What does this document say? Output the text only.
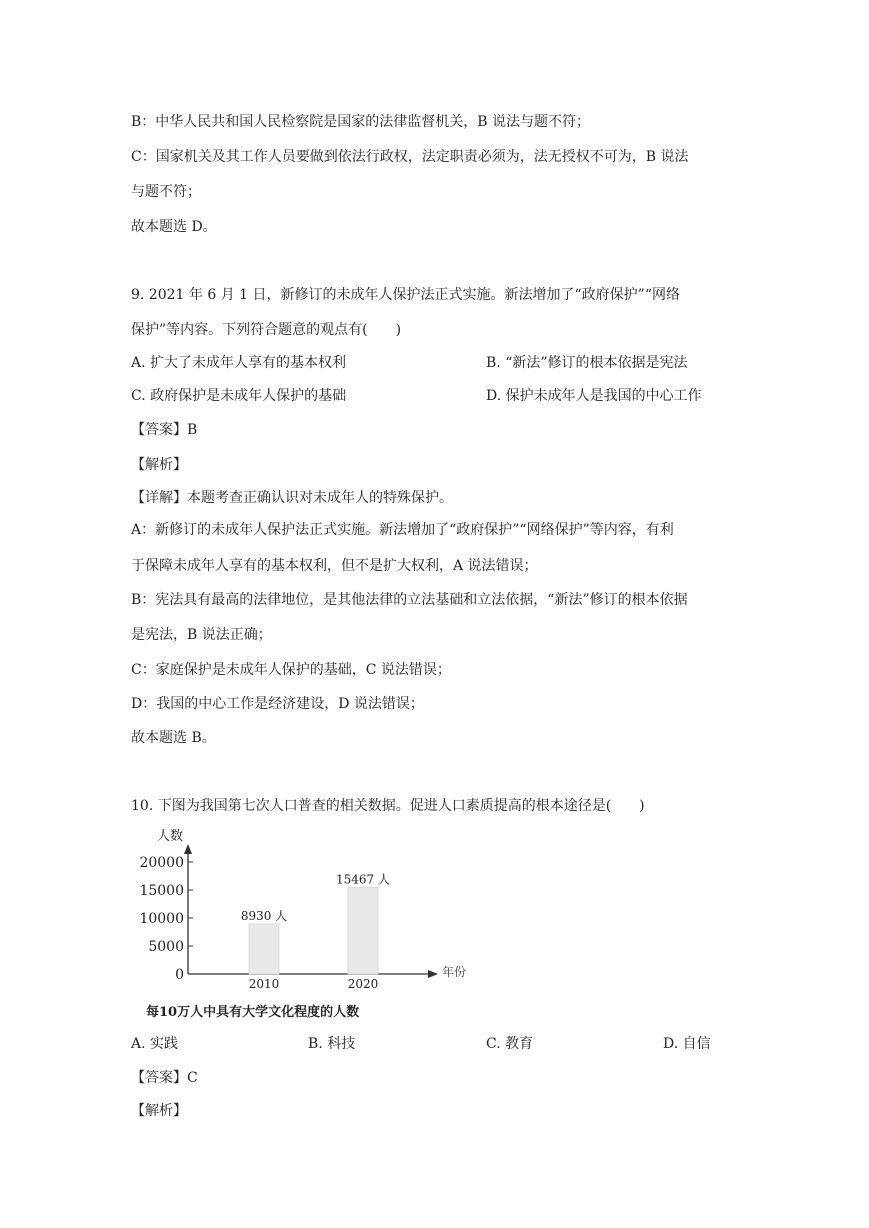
B：中华人民共和国人民检察院是国家的法律监督机关，B 说法与题不符；
C：国家机关及其工作人员要做到依法行政权，法定职责必须为，法无授权不可为，B 说法
与题不符；
故本题选 D。
9. 2021 年 6 月 1 日，新修订的未成年人保护法正式实施。新法增加了“政府保护”“网络
保护”等内容。下列符合题意的观点有(　　)
A. 扩大了未成年人享有的基本权利	B. “新法”修订的根本依据是宪法
C. 政府保护是未成年人保护的基础	D. 保护未成年人是我国的中心工作
【答案】B
【解析】
【详解】本题考查正确认识对未成年人的特殊保护。
A：新修订的未成年人保护法正式实施。新法增加了“政府保护”“网络保护”等内容，有利
于保障未成年人享有的基本权利，但不是扩大权利，A 说法错误；
B：宪法具有最高的法律地位，是其他法律的立法基础和立法依据，“新法”修订的根本依据
是宪法，B 说法正确；
C：家庭保护是未成年人保护的基础，C 说法错误；
D：我国的中心工作是经济建设，D 说法错误；
故本题选 B。
10. 下图为我国第七次人口普查的相关数据。促进人口素质提高的根本途径是(　　)
0
5000
10000
15000
20000
8930 人
2010
15467 人
2020
人数
年份
每10万人中具有大学文化程度的人数
A. 实践	B. 科技	C. 教育	D. 自信
【答案】C
【解析】
